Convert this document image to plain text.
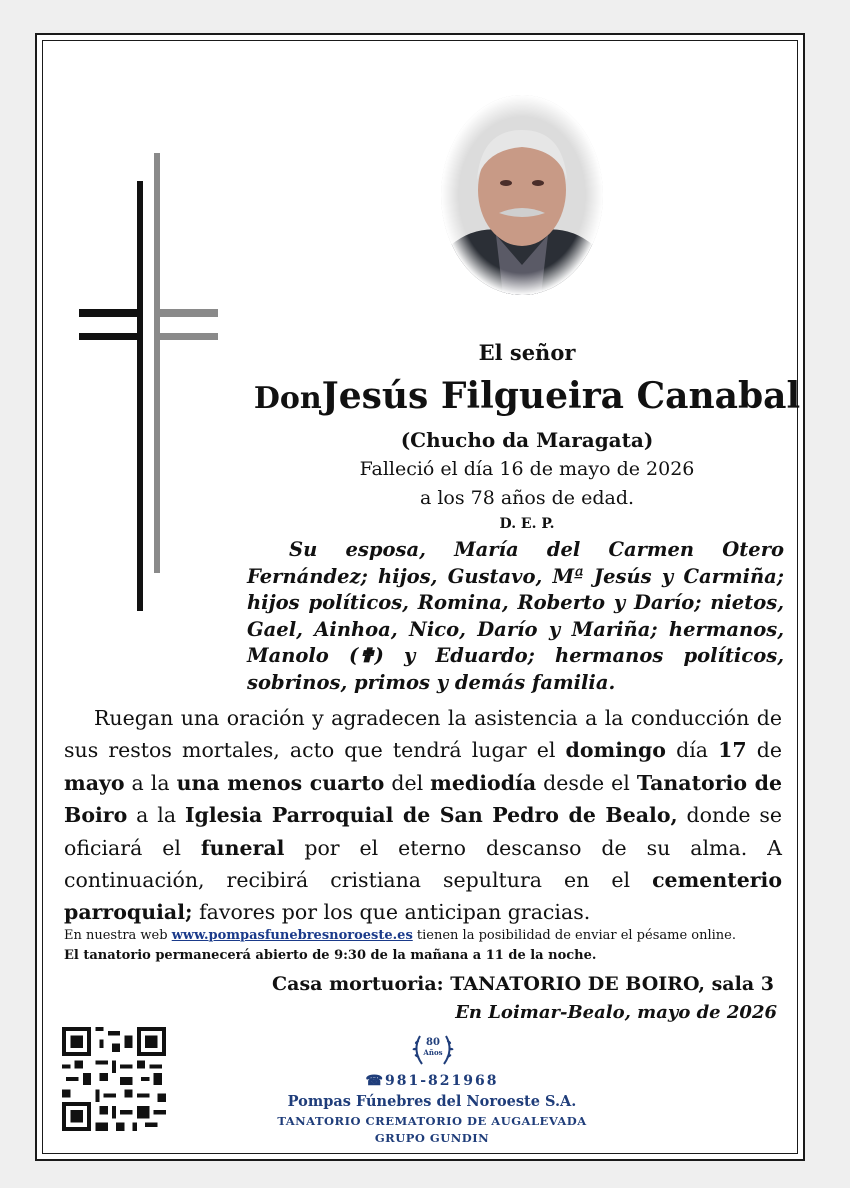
El señor
DonJesús Filgueira Canabal
(Chucho da Maragata)
Falleció el día 16 de mayo de 2026
a los 78 años de edad.
D. E. P.
Su esposa, María del Carmen Otero Fernández; hijos, Gustavo, Mª Jesús y Carmiña; hijos políticos, Romina, Roberto y Darío; nietos, Gael, Ainhoa, Nico, Darío y Mariña; hermanos, Manolo (✟) y Eduardo; hermanos políticos, sobrinos, primos y demás familia.
Ruegan una oración y agradecen la asistencia a la conducción de sus restos mortales, acto que tendrá lugar el domingo día 17 de mayo a la una menos cuarto del mediodía desde el Tanatorio de Boiro a la Iglesia Parroquial de San Pedro de Bealo, donde se oficiará el funeral por el eterno descanso de su alma. A continuación, recibirá cristiana sepultura en el cementerio parroquial; favores por los que anticipan gracias.
En nuestra web www.pompasfunebresnoroeste.es tienen la posibilidad de enviar el pésame online.
El tanatorio permanecerá abierto de 9:30 de la mañana a 11 de la noche.
Casa mortuoria: TANATORIO DE BOIRO, sala 3
En Loimar-Bealo, mayo de 2026
80
Años
☎981-821968
Pompas Fúnebres del Noroeste S.A.
TANATORIO CREMATORIO DE AUGALEVADA
GRUPO GUNDIN
